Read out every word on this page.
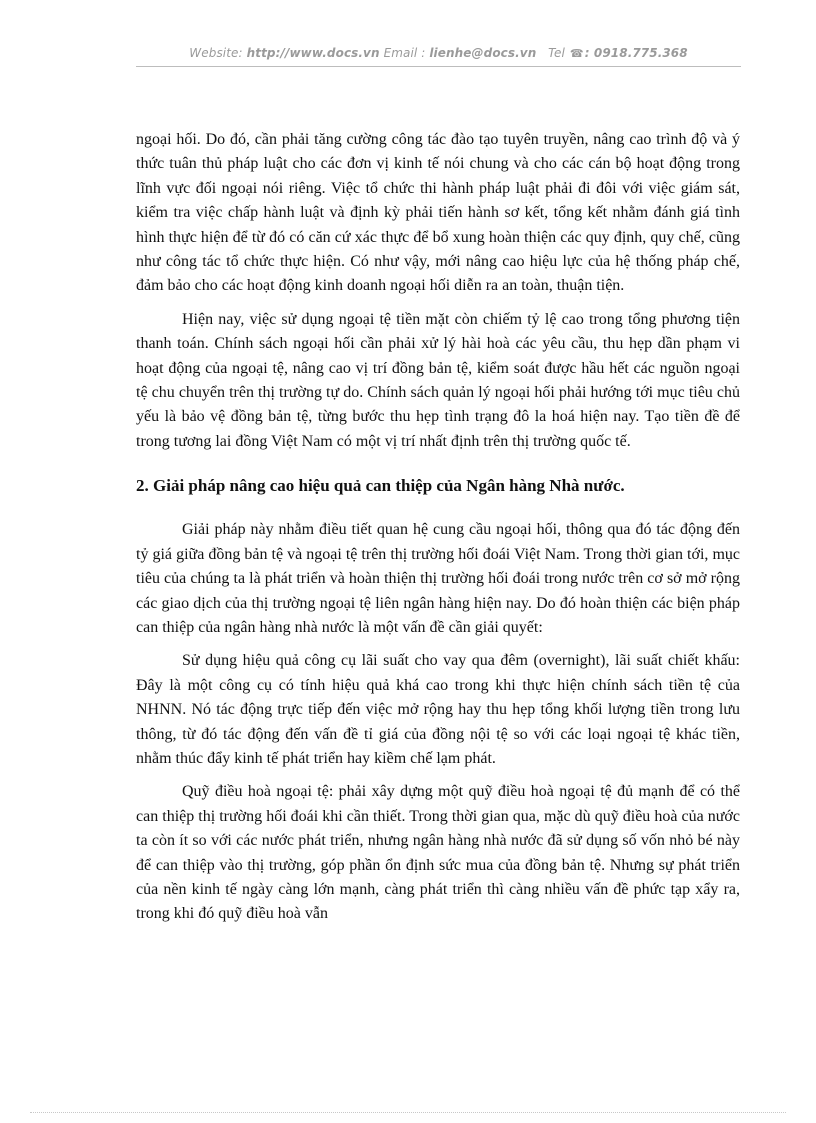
Website: http://www.docs.vn Email : lienhe@docs.vn Tel ☎: 0918.775.368

ngoại hối. Do đó, cần phải tăng cường công tác đào tạo tuyên truyền, nâng cao trình độ và ý thức tuân thủ pháp luật cho các đơn vị kinh tế nói chung và cho các cán bộ hoạt động trong lĩnh vực đối ngoại nói riêng. Việc tổ chức thi hành pháp luật phải đi đôi với việc giám sát, kiểm tra việc chấp hành luật và định kỳ phải tiến hành sơ kết, tổng kết nhằm đánh giá tình hình thực hiện để từ đó có căn cứ xác thực để bổ xung hoàn thiện các quy định, quy chế, cũng như công tác tổ chức thực hiện. Có như vậy, mới nâng cao hiệu lực của hệ thống pháp chế, đảm bảo cho các hoạt động kinh doanh ngoại hối diễn ra an toàn, thuận tiện.

Hiện nay, việc sử dụng ngoại tệ tiền mặt còn chiếm tỷ lệ cao trong tổng phương tiện thanh toán. Chính sách ngoại hối cần phải xử lý hài hoà các yêu cầu, thu hẹp dần phạm vi hoạt động của ngoại tệ, nâng cao vị trí đồng bản tệ, kiểm soát được hầu hết các nguồn ngoại tệ chu chuyển trên thị trường tự do. Chính sách quản lý ngoại hối phải hướng tới mục tiêu chủ yếu là bảo vệ đồng bản tệ, từng bước thu hẹp tình trạng đô la hoá hiện nay. Tạo tiền đề để trong tương lai đồng Việt Nam có một vị trí nhất định trên thị trường quốc tế.

2. Giải pháp nâng cao hiệu quả can thiệp của Ngân hàng Nhà nước.

Giải pháp này nhằm điều tiết quan hệ cung cầu ngoại hối, thông qua đó tác động đến tỷ giá giữa đồng bản tệ và ngoại tệ trên thị trường hối đoái Việt Nam. Trong thời gian tới, mục tiêu của chúng ta là phát triển và hoàn thiện thị trường hối đoái trong nước trên cơ sở mở rộng các giao dịch của thị trường ngoại tệ liên ngân hàng hiện nay. Do đó hoàn thiện các biện pháp can thiệp của ngân hàng nhà nước là một vấn đề cần giải quyết:

Sử dụng hiệu quả công cụ lãi suất cho vay qua đêm (overnight), lãi suất chiết khấu: Đây là một công cụ có tính hiệu quả khá cao trong khi thực hiện chính sách tiền tệ của NHNN. Nó tác động trực tiếp đến việc mở rộng hay thu hẹp tổng khối lượng tiền trong lưu thông, từ đó tác động đến vấn đề tỉ giá của đồng nội tệ so với các loại ngoại tệ khác tiền, nhằm thúc đẩy kinh tế phát triển hay kiềm chế lạm phát.

Quỹ điều hoà ngoại tệ: phải xây dựng một quỹ điều hoà ngoại tệ đủ mạnh để có thể can thiệp thị trường hối đoái khi cần thiết. Trong thời gian qua, mặc dù quỹ điều hoà của nước ta còn ít so với các nước phát triển, nhưng ngân hàng nhà nước đã sử dụng số vốn nhỏ bé này để can thiệp vào thị trường, góp phần ổn định sức mua của đồng bản tệ. Nhưng sự phát triển của nền kinh tế ngày càng lớn mạnh, càng phát triển thì càng nhiều vấn đề phức tạp xẩy ra, trong khi đó quỹ điều hoà vẫn
